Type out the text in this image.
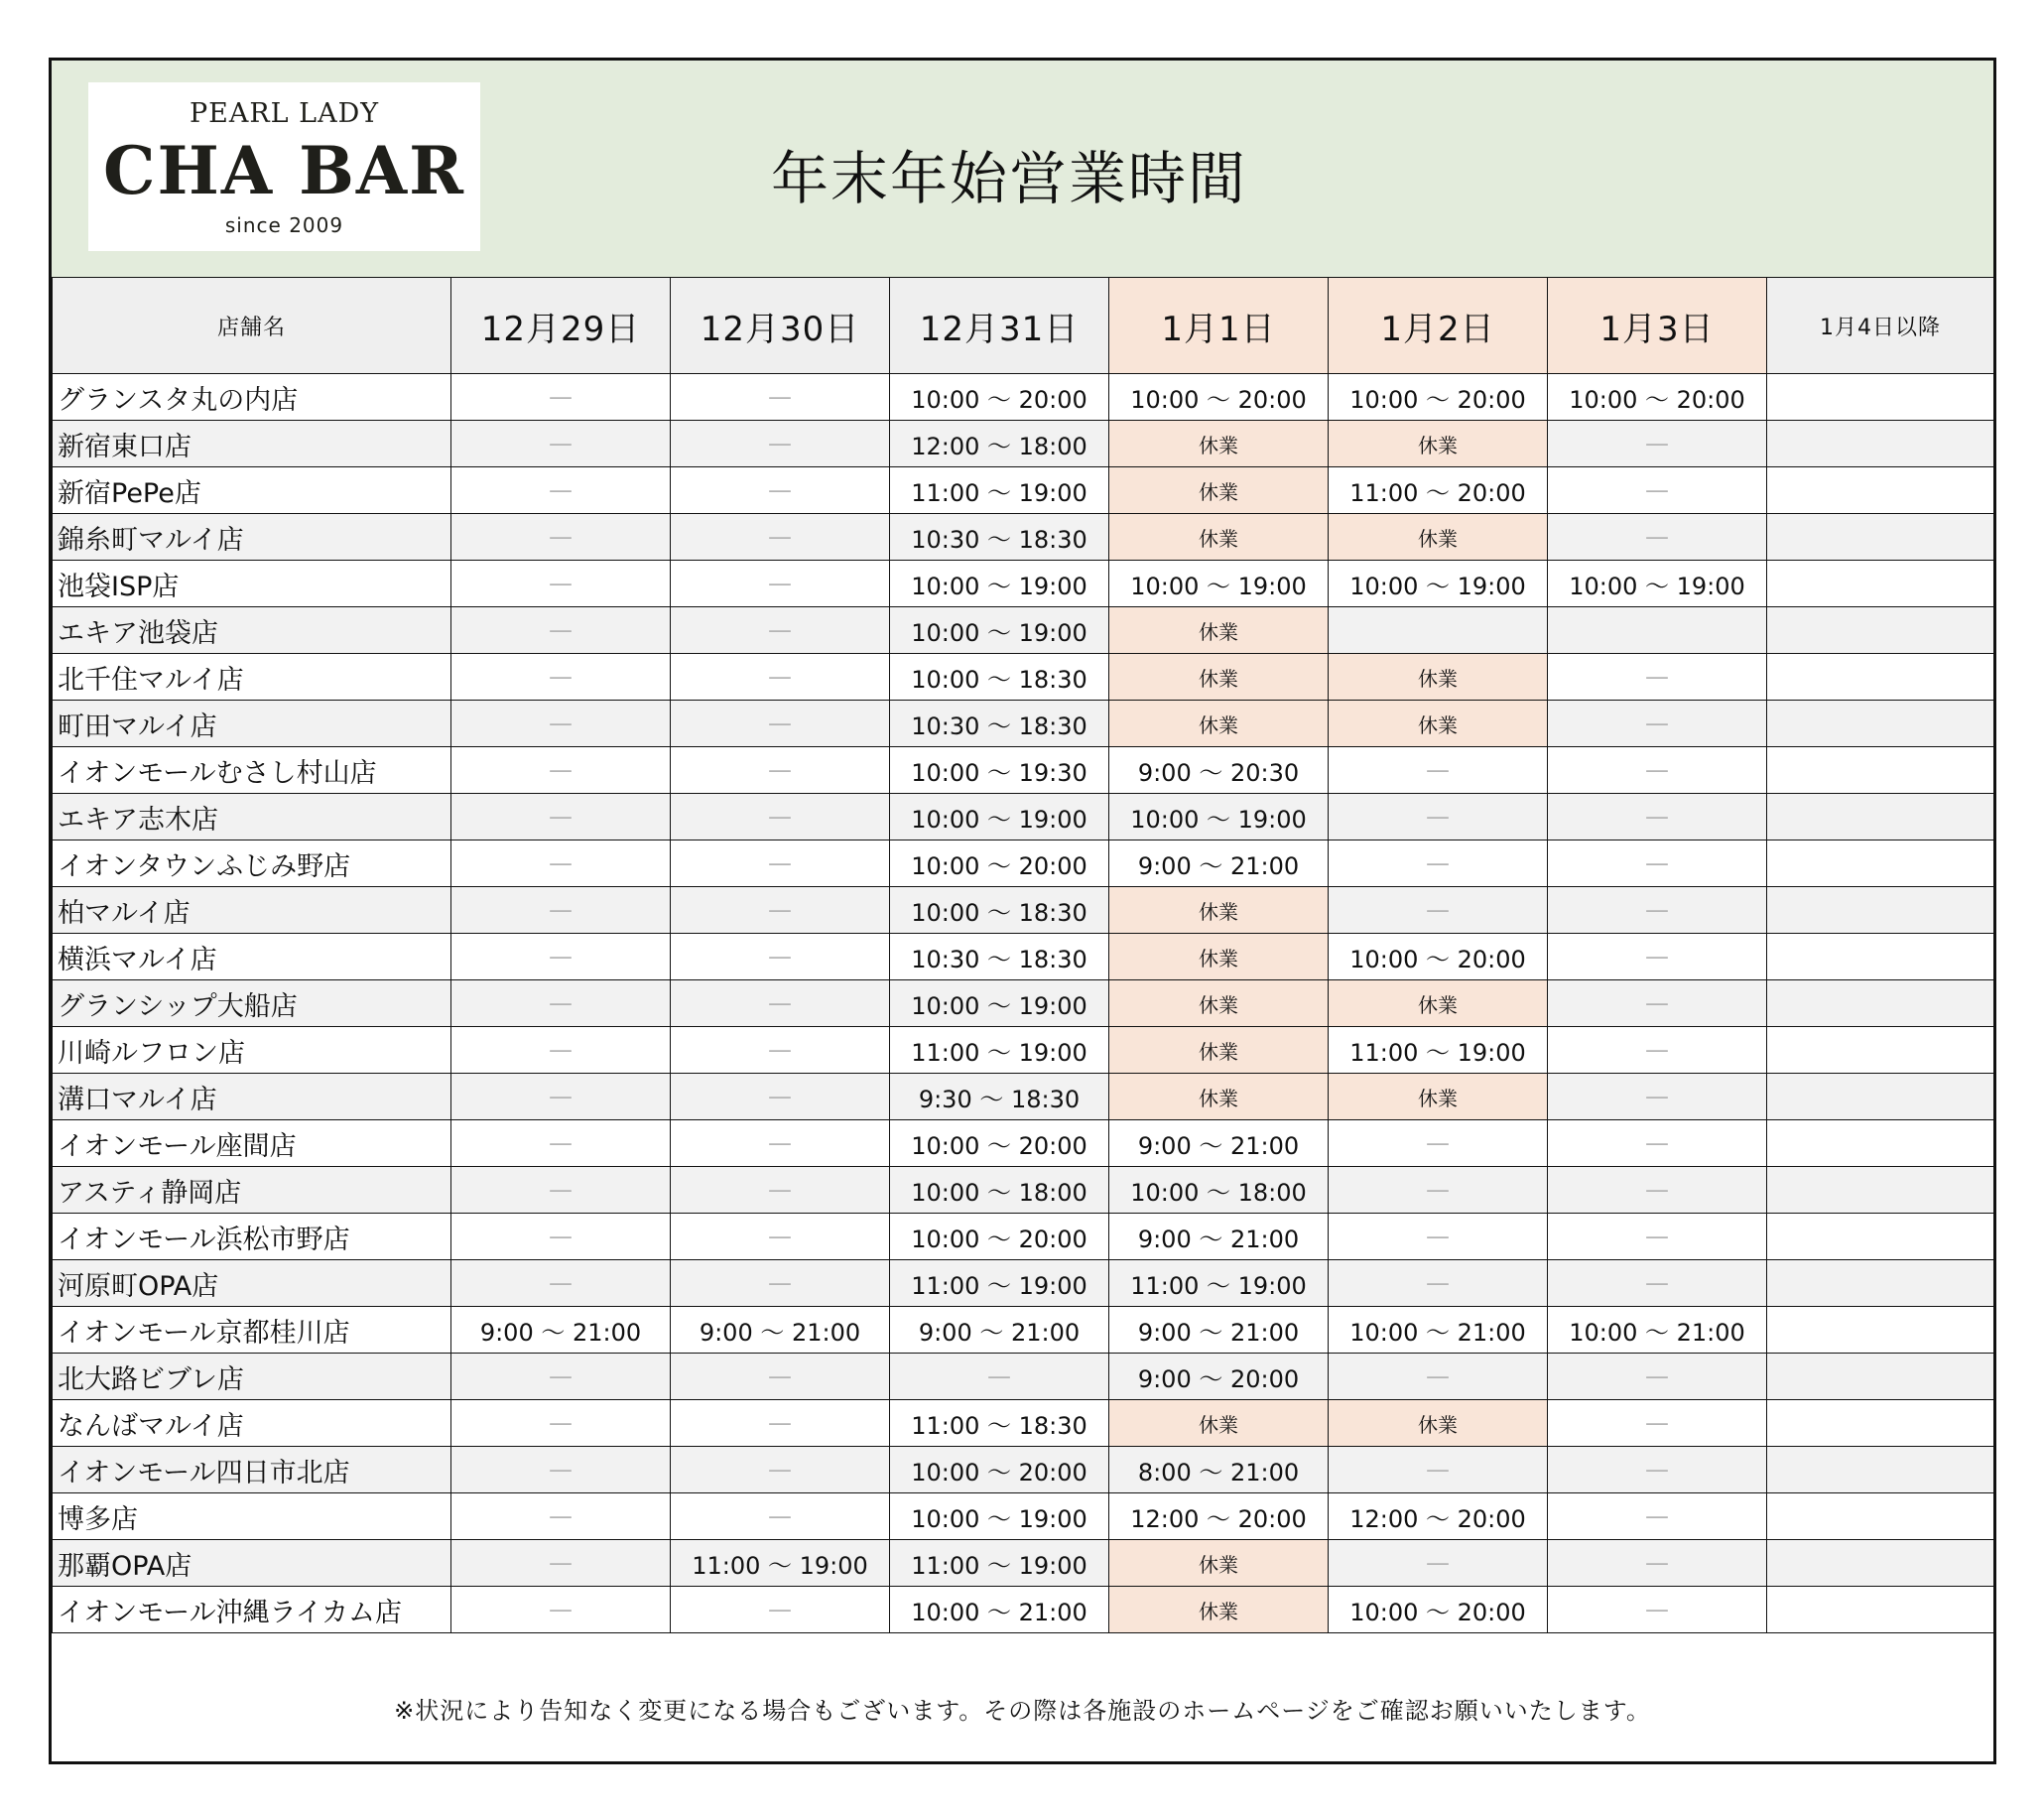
PEARL LADY
CHA BAR
since 2009
年末年始営業時間
店舗名	12月29日	12月30日	12月31日	1月1日	1月2日	1月3日	1月4日以降
グランスタ丸の内店	—	—	10:00 ～ 20:00	10:00 ～ 20:00	10:00 ～ 20:00	10:00 ～ 20:00	
新宿東口店	—	—	12:00 ～ 18:00	休業	休業	—	
新宿PePe店	—	—	11:00 ～ 19:00	休業	11:00 ～ 20:00	—	
錦糸町マルイ店	—	—	10:30 ～ 18:30	休業	休業	—	
池袋ISP店	—	—	10:00 ～ 19:00	10:00 ～ 19:00	10:00 ～ 19:00	10:00 ～ 19:00	
エキア池袋店	—	—	10:00 ～ 19:00	休業			
北千住マルイ店	—	—	10:00 ～ 18:30	休業	休業	—	
町田マルイ店	—	—	10:30 ～ 18:30	休業	休業	—	
イオンモールむさし村山店	—	—	10:00 ～ 19:30	9:00 ～ 20:30	—	—	
エキア志木店	—	—	10:00 ～ 19:00	10:00 ～ 19:00	—	—	
イオンタウンふじみ野店	—	—	10:00 ～ 20:00	9:00 ～ 21:00	—	—	
柏マルイ店	—	—	10:00 ～ 18:30	休業	—	—	
横浜マルイ店	—	—	10:30 ～ 18:30	休業	10:00 ～ 20:00	—	
グランシップ大船店	—	—	10:00 ～ 19:00	休業	休業	—	
川崎ルフロン店	—	—	11:00 ～ 19:00	休業	11:00 ～ 19:00	—	
溝口マルイ店	—	—	9:30 ～ 18:30	休業	休業	—	
イオンモール座間店	—	—	10:00 ～ 20:00	9:00 ～ 21:00	—	—	
アスティ静岡店	—	—	10:00 ～ 18:00	10:00 ～ 18:00	—	—	
イオンモール浜松市野店	—	—	10:00 ～ 20:00	9:00 ～ 21:00	—	—	
河原町OPA店	—	—	11:00 ～ 19:00	11:00 ～ 19:00	—	—	
イオンモール京都桂川店	9:00 ～ 21:00	9:00 ～ 21:00	9:00 ～ 21:00	9:00 ～ 21:00	10:00 ～ 21:00	10:00 ～ 21:00	
北大路ビブレ店	—	—	—	9:00 ～ 20:00	—	—	
なんばマルイ店	—	—	11:00 ～ 18:30	休業	休業	—	
イオンモール四日市北店	—	—	10:00 ～ 20:00	8:00 ～ 21:00	—	—	
博多店	—	—	10:00 ～ 19:00	12:00 ～ 20:00	12:00 ～ 20:00	—	
那覇OPA店	—	11:00 ～ 19:00	11:00 ～ 19:00	休業	—	—	
イオンモール沖縄ライカム店	—	—	10:00 ～ 21:00	休業	10:00 ～ 20:00	—	
※状況により告知なく変更になる場合もございます。その際は各施設のホームページをご確認お願いいたします。
